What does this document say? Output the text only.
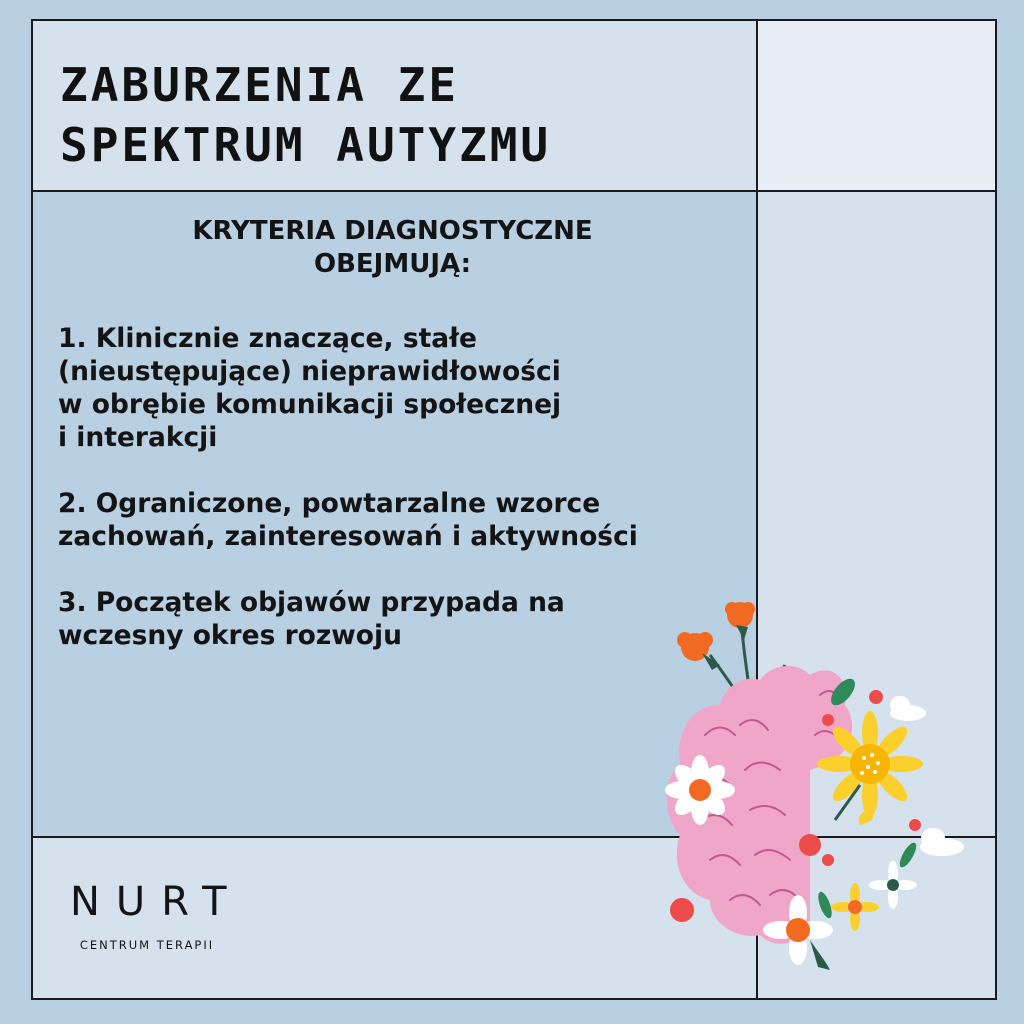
ZABURZENIA ZE
SPEKTRUM AUTYZMU
KRYTERIA DIAGNOSTYCZNE
OBEJMUJĄ:
1. Klinicznie znaczące, stałe
(nieustępujące) nieprawidłowości
w obrębie komunikacji społecznej
i interakcji
2. Ograniczone, powtarzalne wzorce
zachowań, zainteresowań i aktywności
3. Początek objawów przypada na
wczesny okres rozwoju
NURT
CENTRUM TERAPII
